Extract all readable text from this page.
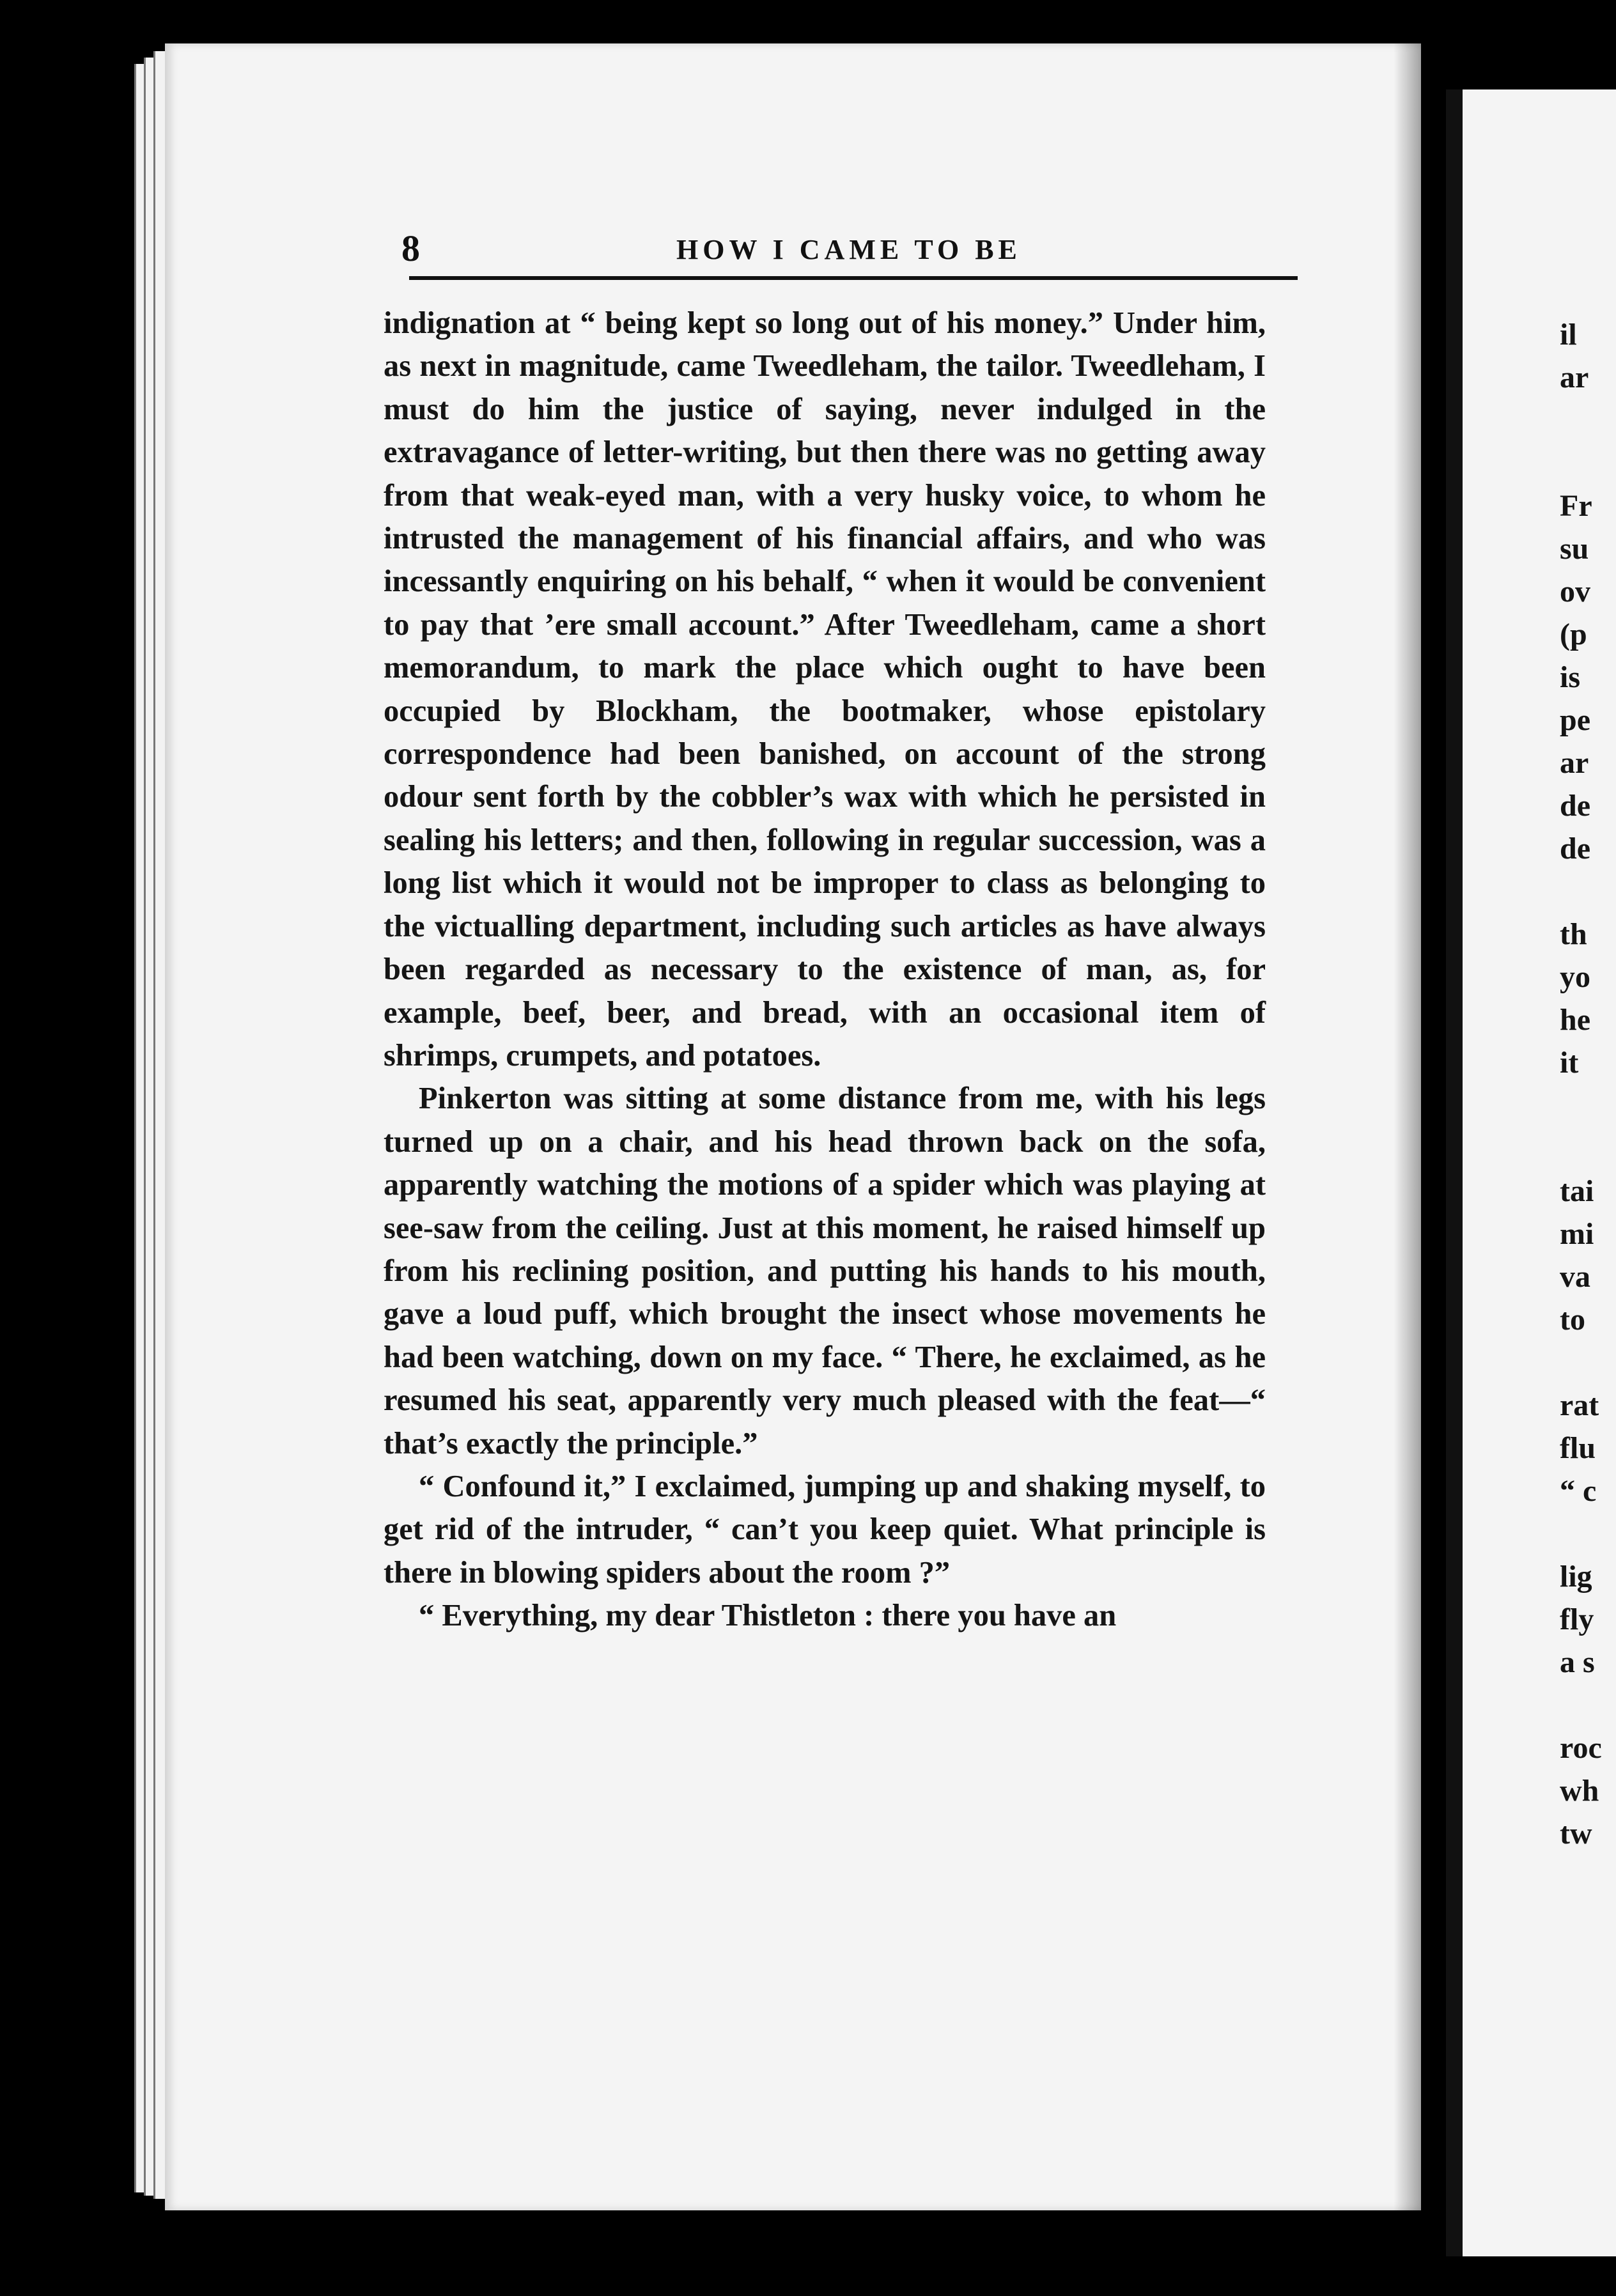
8	HOW I CAME TO BE

indignation at “ being kept so long out of his money.” Under him, as next in magnitude, came Tweedleham, the tailor. Tweedleham, I must do him the justice of saying, never indulged in the extravagance of letter-writing, but then there was no getting away from that weak-eyed man, with a very husky voice, to whom he intrusted the management of his financial affairs, and who was incessantly enquiring on his behalf, “ when it would be convenient to pay that ’ere small account.” After Tweedleham, came a short memorandum, to mark the place which ought to have been occupied by Blockham, the bootmaker, whose epistolary correspondence had been banished, on account of the strong odour sent forth by the cobbler’s wax with which he persisted in sealing his letters; and then, following in regular succession, was a long list which it would not be improper to class as belonging to the victualling department, including such articles as have always been regarded as necessary to the existence of man, as, for example, beef, beer, and bread, with an occasional item of shrimps, crumpets, and potatoes.

Pinkerton was sitting at some distance from me, with his legs turned up on a chair, and his head thrown back on the sofa, apparently watching the motions of a spider which was playing at see-saw from the ceiling. Just at this moment, he raised himself up from his reclining position, and putting his hands to his mouth, gave a loud puff, which brought the insect whose movements he had been watching, down on my face. “ There, he exclaimed, as he resumed his seat, apparently very much pleased with the feat—“ that’s exactly the principle.”

“ Confound it,” I exclaimed, jumping up and shaking myself, to get rid of the intruder, “ can’t you keep quiet. What principle is there in blowing spiders about the room ?”

“ Everything, my dear Thistleton : there you have an

il
ar
Fr
su
ov
(p
is
pe
ar
de
de
th
yo
he
it
tai
mi
va
to
rat
flu
“ c
lig
fly
a s
roc
wh
tw
